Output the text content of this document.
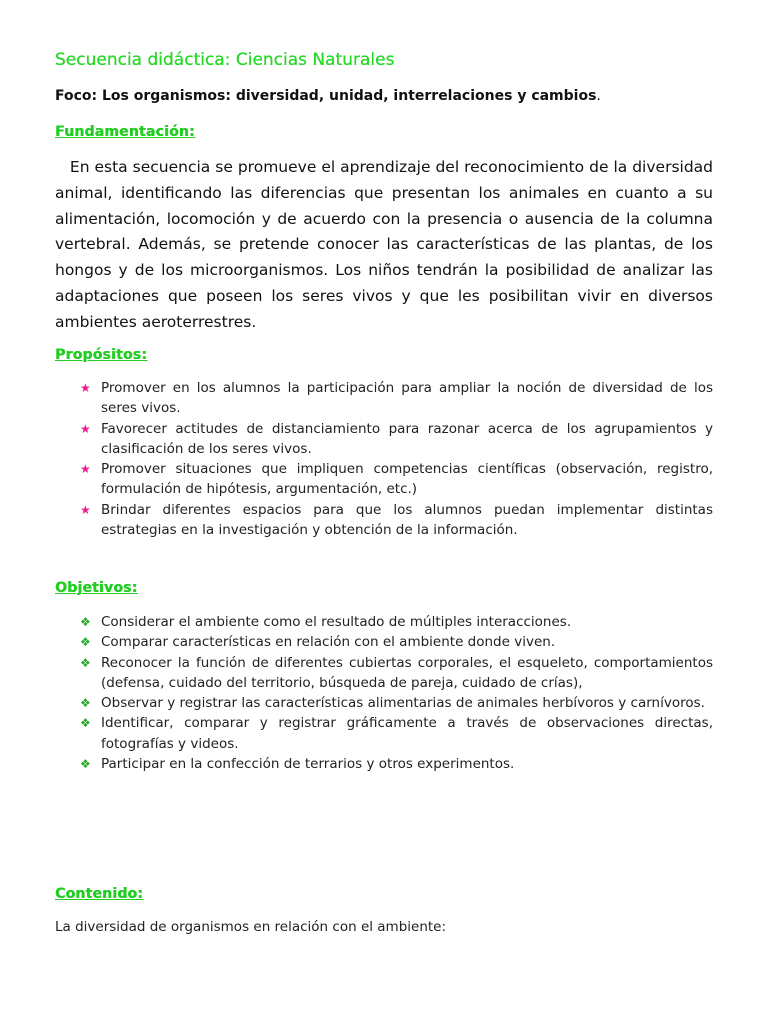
Secuencia didáctica: Ciencias Naturales
Foco: Los organismos: diversidad, unidad, interrelaciones y cambios.
Fundamentación:
En esta secuencia se promueve el aprendizaje del reconocimiento de la diversidad animal, identificando las diferencias que presentan los animales en cuanto a su alimentación, locomoción y de acuerdo con la presencia o ausencia de la columna vertebral. Además, se pretende conocer las características de las plantas, de los hongos y de los microorganismos. Los niños tendrán la posibilidad de analizar las adaptaciones que poseen los seres vivos y que les posibilitan vivir en diversos ambientes aeroterrestres.
Propósitos:
★ Promover en los alumnos la participación para ampliar la noción de diversidad de los seres vivos.
★ Favorecer actitudes de distanciamiento para razonar acerca de los agrupamientos y clasificación de los seres vivos.
★ Promover situaciones que impliquen competencias científicas (observación, registro, formulación de hipótesis, argumentación, etc.)
★ Brindar diferentes espacios para que los alumnos puedan implementar distintas estrategias en la investigación y obtención de la información.
Objetivos:
❖ Considerar el ambiente como el resultado de múltiples interacciones.
❖ Comparar características en relación con el ambiente donde viven.
❖ Reconocer la función de diferentes cubiertas corporales, el esqueleto, comportamientos (defensa, cuidado del territorio, búsqueda de pareja, cuidado de crías),
❖ Observar y registrar las características alimentarias de animales herbívoros y carnívoros.
❖ Identificar, comparar y registrar gráficamente a través de observaciones directas, fotografías y videos.
❖ Participar en la confección de terrarios y otros experimentos.
Contenido:
La diversidad de organismos en relación con el ambiente:
